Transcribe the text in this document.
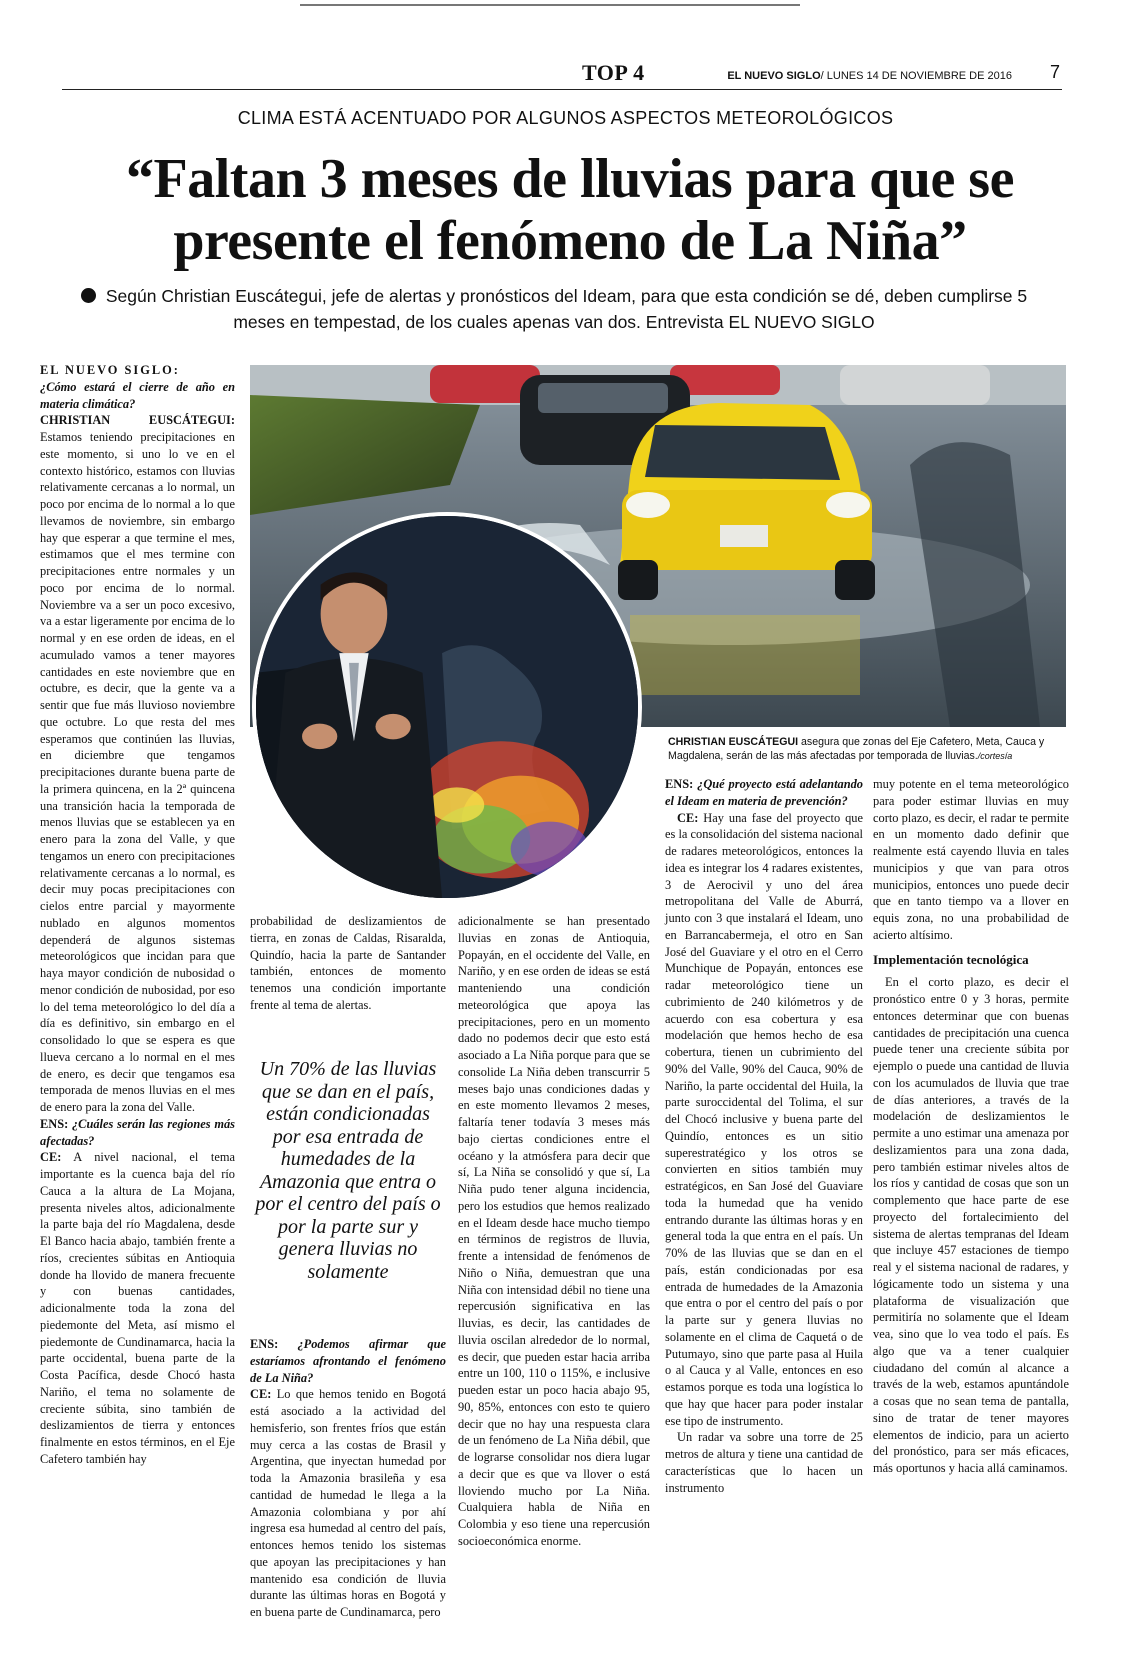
TOP 4	EL NUEVO SIGLO/ LUNES 14 DE NOVIEMBRE DE 2016 7
CLIMA ESTÁ ACENTUADO POR ALGUNOS ASPECTOS METEOROLÓGICOS
“Faltan 3 meses de lluvias para que se
presente el fenómeno de La Niña”
Según Christian Euscátegui, jefe de alertas y pronósticos del Ideam, para que esta condición se dé, deben cumplirse 5
meses en tempestad, de los cuales apenas van dos. Entrevista EL NUEVO SIGLO
CHRISTIAN EUSCÁTEGUI asegura que zonas del Eje Cafetero, Meta, Cauca y Magdalena, serán de las más afectadas por temporada de lluvias./cortesía

EL NUEVO SIGLO:

¿Cómo estará el cierre de año en materia climática?

CHRISTIAN EUSCÁTEGUI: Estamos teniendo precipitaciones en este momento, si uno lo ve en el contexto histórico, estamos con lluvias relativamente cercanas a lo normal, un poco por encima de lo normal a lo que llevamos de noviembre, sin embargo hay que esperar a que termine el mes, estimamos que el mes termine con precipitaciones entre normales y un poco por encima de lo normal. Noviembre va a ser un poco excesivo, va a estar ligeramente por encima de lo normal y en ese orden de ideas, en el acumulado vamos a tener mayores cantidades en este noviembre que en octubre, es decir, que la gente va a sentir que fue más lluvioso noviembre que octubre. Lo que resta del mes esperamos que continúen las lluvias, en diciembre que tengamos precipitaciones durante buena parte de la primera quincena, en la 2ª quincena una transición hacia la temporada de menos lluvias que se establecen ya en enero para la zona del Valle, y que tengamos un enero con precipitaciones relativamente cercanas a lo normal, es decir muy pocas precipitaciones con cielos entre parcial y mayormente nublado en algunos momentos dependerá de algunos sistemas meteorológicos que incidan para que haya mayor condición de nubosidad o menor condición de nubosidad, por eso lo del tema meteorológico lo del día a día es definitivo, sin embargo en el consolidado lo que se espera es que llueva cercano a lo normal en el mes de enero, es decir que tengamos esa temporada de menos lluvias en el mes de enero para la zona del Valle.

ENS: ¿Cuáles serán las regiones más afectadas?

CE: A nivel nacional, el tema importante es la cuenca baja del río Cauca a la altura de La Mojana, presenta niveles altos, adicionalmente la parte baja del río Magdalena, desde El Banco hacia abajo, también frente a ríos, crecientes súbitas en Antioquia donde ha llovido de manera frecuente y con buenas cantidades, adicionalmente toda la zona del piedemonte del Meta, así mismo el piedemonte de Cundinamarca, hacia la parte occidental, buena parte de la Costa Pacífica, desde Chocó hasta Nariño, el tema no solamente de creciente súbita, sino también de deslizamientos de tierra y entonces finalmente en estos términos, en el Eje Cafetero también hay

probabilidad de deslizamientos de tierra, en zonas de Caldas, Risaralda, Quindío, hacia la parte de Santander también, entonces de momento tenemos una condición importante frente al tema de alertas.

Un 70% de las lluvias que se dan en el país, están condicionadas por esa entrada de humedades de la Amazonia que entra o por el centro del país o por la parte sur y genera lluvias no solamente

ENS: ¿Podemos afirmar que estaríamos afrontando el fenómeno de La Niña?

CE: Lo que hemos tenido en Bogotá está asociado a la actividad del hemisferio, son frentes fríos que están muy cerca a las costas de Brasil y Argentina, que inyectan humedad por toda la Amazonia brasileña y esa cantidad de humedad le llega a la Amazonia colombiana y por ahí ingresa esa humedad al centro del país, entonces hemos tenido los sistemas que apoyan las precipitaciones y han mantenido esa condición de lluvia durante las últimas horas en Bogotá y en buena parte de Cundinamarca, pero

adicionalmente se han presentado lluvias en zonas de Antioquia, Popayán, en el occidente del Valle, en Nariño, y en ese orden de ideas se está manteniendo una condición meteorológica que apoya las precipitaciones, pero en un momento dado no podemos decir que esto está asociado a La Niña porque para que se consolide La Niña deben transcurrir 5 meses bajo unas condiciones dadas y en este momento llevamos 2 meses, faltaría tener todavía 3 meses más bajo ciertas condiciones entre el océano y la atmósfera para decir que sí, La Niña se consolidó y que sí, La Niña pudo tener alguna incidencia, pero los estudios que hemos realizado en el Ideam desde hace mucho tiempo en términos de registros de lluvia, frente a intensidad de fenómenos de Niño o Niña, demuestran que una Niña con intensidad débil no tiene una repercusión significativa en las lluvias, es decir, las cantidades de lluvia oscilan alrededor de lo normal, es decir, que pueden estar hacia arriba entre un 100, 110 o 115%, e inclusive pueden estar un poco hacia abajo 95, 90, 85%, entonces con esto te quiero decir que no hay una respuesta clara de un fenómeno de La Niña débil, que de lograrse consolidar nos diera lugar a decir que es que va llover o está lloviendo mucho por La Niña. Cualquiera habla de Niña en Colombia y eso tiene una repercusión socioeconómica enorme.

ENS: ¿Qué proyecto está adelantando el Ideam en materia de prevención?

CE: Hay una fase del proyecto que es la consolidación del sistema nacional de radares meteorológicos, entonces la idea es integrar los 4 radares existentes, 3 de Aerocivil y uno del área metropolitana del Valle de Aburrá, junto con 3 que instalará el Ideam, uno en Barrancabermeja, el otro en San José del Guaviare y el otro en el Cerro Munchique de Popayán, entonces ese radar meteorológico tiene un cubrimiento de 240 kilómetros y de acuerdo con esa cobertura y esa modelación que hemos hecho de esa cobertura, tienen un cubrimiento del 90% del Valle, 90% del Cauca, 90% de Nariño, la parte occidental del Huila, la parte suroccidental del Tolima, el sur del Chocó inclusive y buena parte del Quindío, entonces es un sitio superestratégico y los otros se convierten en sitios también muy estratégicos, en San José del Guaviare toda la humedad que ha venido entrando durante las últimas horas y en general toda la que entra en el país. Un 70% de las lluvias que se dan en el país, están condicionadas por esa entrada de humedades de la Amazonia que entra o por el centro del país o por la parte sur y genera lluvias no solamente en el clima de Caquetá o de Putumayo, sino que parte pasa al Huila o al Cauca y al Valle, entonces en eso estamos porque es toda una logística lo que hay que hacer para poder instalar ese tipo de instrumento.

Un radar va sobre una torre de 25 metros de altura y tiene una cantidad de características que lo hacen un instrumento

muy potente en el tema meteorológico para poder estimar lluvias en muy corto plazo, es decir, el radar te permite en un momento dado definir que realmente está cayendo lluvia en tales municipios y que van para otros municipios, entonces uno puede decir que en tanto tiempo va a llover en equis zona, no una probabilidad de acierto altísimo.

Implementación tecnológica

En el corto plazo, es decir el pronóstico entre 0 y 3 horas, permite entonces determinar que con buenas cantidades de precipitación una cuenca puede tener una creciente súbita por ejemplo o puede una cantidad de lluvia con los acumulados de lluvia que trae de días anteriores, a través de la modelación de deslizamientos le permite a uno estimar una amenaza por deslizamientos para una zona dada, pero también estimar niveles altos de los ríos y cantidad de cosas que son un complemento que hace parte de ese proyecto del fortalecimiento del sistema de alertas tempranas del Ideam que incluye 457 estaciones de tiempo real y el sistema nacional de radares, y lógicamente todo un sistema y una plataforma de visualización que permitiría no solamente que el Ideam vea, sino que lo vea todo el país. Es algo que va a tener cualquier ciudadano del común al alcance a través de la web, estamos apuntándole a cosas que no sean tema de pantalla, sino de tratar de tener mayores elementos de indicio, para un acierto del pronóstico, para ser más eficaces, más oportunos y hacia allá caminamos.
